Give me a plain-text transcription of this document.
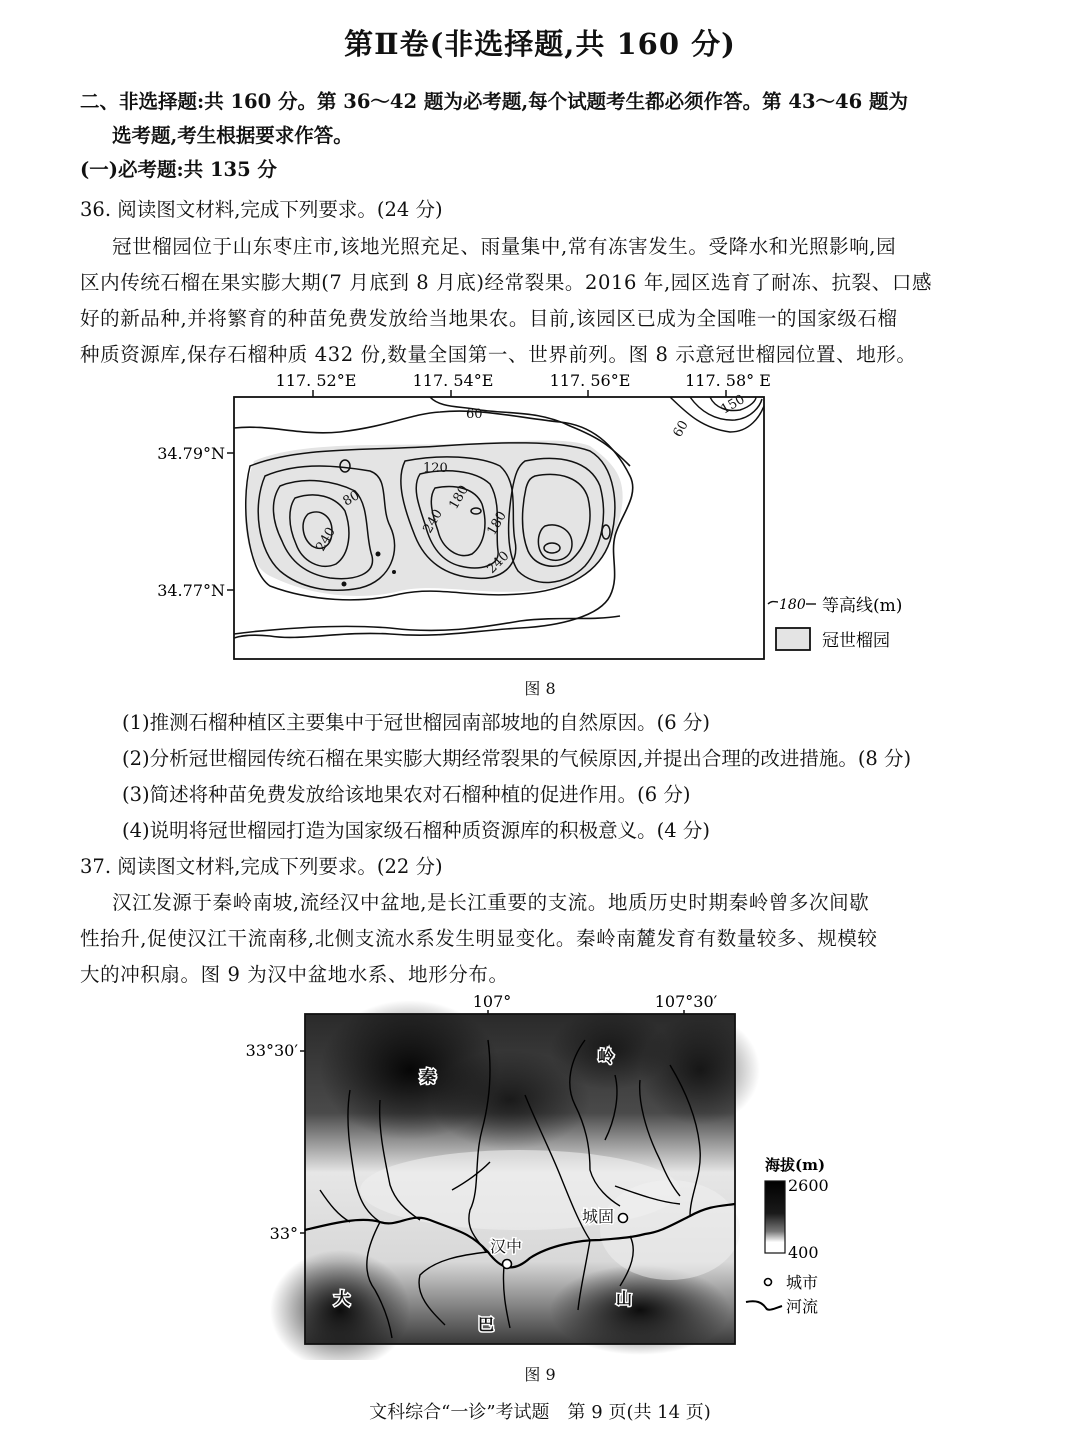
第Ⅱ卷(非选择题,共 160 分)
二、非选择题:共 160 分。第 36～42 题为必考题,每个试题考生都必须作答。第 43～46 题为
选考题,考生根据要求作答。
(一)必考题:共 135 分
36. 阅读图文材料,完成下列要求。(24 分)
冠世榴园位于山东枣庄市,该地光照充足、雨量集中,常有冻害发生。受降水和光照影响,园
区内传统石榴在果实膨大期(7 月底到 8 月底)经常裂果。2016 年,园区选育了耐冻、抗裂、口感
好的新品种,并将繁育的种苗免费发放给当地果农。目前,该园区已成为全国唯一的国家级石榴
种质资源库,保存石榴种质 432 份,数量全国第一、世界前列。图 8 示意冠世榴园位置、地形。
117. 52°E	117. 54°E	117. 56°E	117. 58° E
34.79°N
34.77°N
60	150
60
120
80
240
240
180
180
240
180 等高线(m)
冠世榴园
图 8
(1)推测石榴种植区主要集中于冠世榴园南部坡地的自然原因。(6 分)
(2)分析冠世榴园传统石榴在果实膨大期经常裂果的气候原因,并提出合理的改进措施。(8 分)
(3)简述将种苗免费发放给该地果农对石榴种植的促进作用。(6 分)
(4)说明将冠世榴园打造为国家级石榴种质资源库的积极意义。(4 分)
37. 阅读图文材料,完成下列要求。(22 分)
汉江发源于秦岭南坡,流经汉中盆地,是长江重要的支流。地质历史时期秦岭曾多次间歇
性抬升,促使汉江干流南移,北侧支流水系发生明显变化。秦岭南麓发育有数量较多、规模较
大的冲积扇。图 9 为汉中盆地水系、地形分布。
107°	107°30′
33°30′
33°
秦
岭
大
巴
山
汉中
城固
海拔(m)
2600
400
城市
河流
图 9
文科综合“一诊”考试题　第 9 页(共 14 页)
